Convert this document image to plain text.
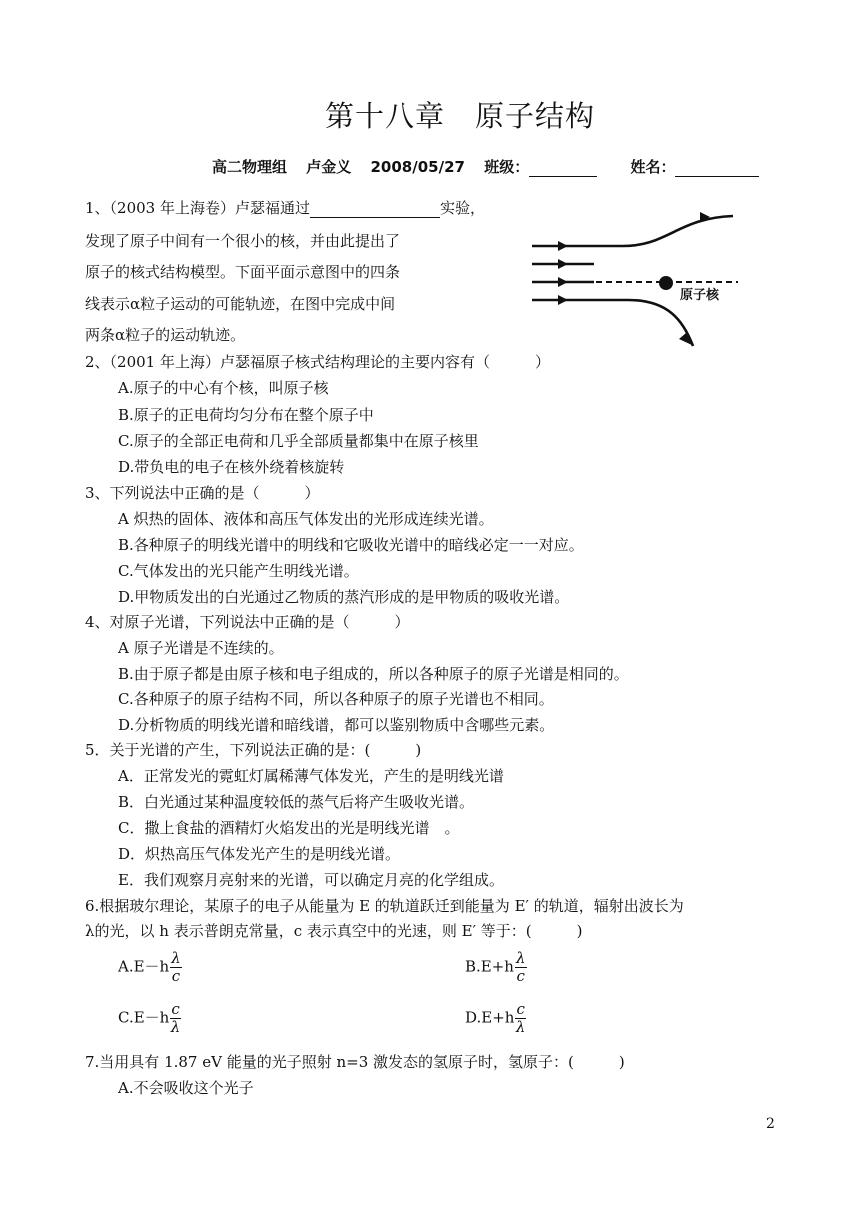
第十八章　原子结构
高二物理组 卢金义 2008/05/27 班级：	姓名：
1、（2003 年上海卷）卢瑟福通过	实验，
发现了原子中间有一个很小的核，并由此提出了
原子的核式结构模型。下面平面示意图中的四条
线表示α粒子运动的可能轨迹，在图中完成中间
两条α粒子的运动轨迹。
原子核
2、（2001 年上海）卢瑟福原子核式结构理论的主要内容有（　　　）
A.原子的中心有个核，叫原子核
B.原子的正电荷均匀分布在整个原子中
C.原子的全部正电荷和几乎全部质量都集中在原子核里
D.带负电的电子在核外绕着核旋转
3、下列说法中正确的是（　　　）
A 炽热的固体、液体和高压气体发出的光形成连续光谱。
B.各种原子的明线光谱中的明线和它吸收光谱中的暗线必定一一对应。
C.气体发出的光只能产生明线光谱。
D.甲物质发出的白光通过乙物质的蒸汽形成的是甲物质的吸收光谱。
4、对原子光谱，下列说法中正确的是（　　　）
A 原子光谱是不连续的。
B.由于原子都是由原子核和电子组成的，所以各种原子的原子光谱是相同的。
C.各种原子的原子结构不同，所以各种原子的原子光谱也不相同。
D.分析物质的明线光谱和暗线谱，都可以鉴别物质中含哪些元素。
5．关于光谱的产生，下列说法正确的是：(　　　)
A．正常发光的霓虹灯属稀薄气体发光，产生的是明线光谱
B．白光通过某种温度较低的蒸气后将产生吸收光谱。
C．撒上食盐的酒精灯火焰发出的光是明线光谱　。
D．炽热高压气体发光产生的是明线光谱。
E．我们观察月亮射来的光谱，可以确定月亮的化学组成。
6.根据玻尔理论，某原子的电子从能量为 E 的轨道跃迁到能量为 E′ 的轨道，辐射出波长为
λ的光，以 h 表示普朗克常量，c 表示真空中的光速，则 E′ 等于：(　　　)
$A.E-h \frac{\lambda}{c}$	$B.E+h \frac{\lambda}{c}$
$C.E-h \frac{c}{\lambda}$	$D.E+h \frac{c}{\lambda}$
7.当用具有 1.87 eV 能量的光子照射 n=3 激发态的氢原子时，氢原子：(　　　)
A.不会吸收这个光子
2
